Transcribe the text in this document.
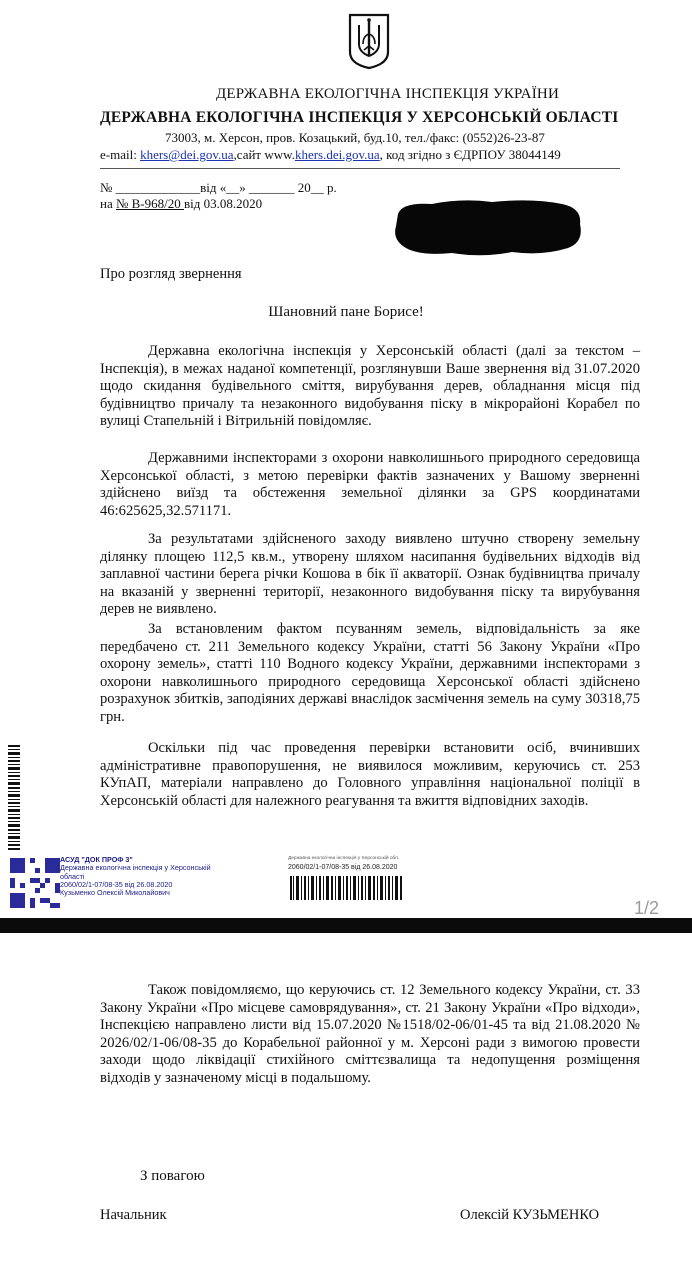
ДЕРЖАВНА ЕКОЛОГІЧНА ІНСПЕКЦІЯ УКРАЇНИ
ДЕРЖАВНА ЕКОЛОГІЧНА ІНСПЕКЦІЯ У ХЕРСОНСЬКІЙ ОБЛАСТІ
73003, м. Херсон, пров. Козацький, буд.10, тел./факс: (0552)26-23-87
e-mail: khers@dei.gov.ua,сайт www.khers.dei.gov.ua, код згідно з ЄДРПОУ 38044149
№ _____________від «__» _______ 20__ р.
на № В-968/20 від 03.08.2020
Про розгляд звернення
Шановний пане Борисе!
Державна екологічна інспекція у Херсонській області (далі за текстом – Інспекція), в межах наданої компетенції, розглянувши Ваше звернення від 31.07.2020 щодо скидання будівельного сміття, вирубування дерев, обладнання місця під будівництво причалу та незаконного видобування піску в мікрорайоні Корабел по вулиці Стапельній і Вітрильній повідомляє.
Державними інспекторами з охорони навколишнього природного середовища Херсонської області, з метою перевірки фактів зазначених у Вашому зверненні здійснено виїзд та обстеження земельної ділянки за GPS координатами 46:625625,32.571171.
За результатами здійсненого заходу виявлено штучно створену земельну ділянку площею 112,5 кв.м., утворену шляхом насипання будівельних відходів від заплавної частини берега річки Кошова в бік її акваторії. Ознак будівництва причалу на вказаній у зверненні території, незаконного видобування піску та вирубування дерев не виявлено.
За встановленим фактом псуванням земель, відповідальність за яке передбачено ст. 211 Земельного кодексу України, статті 56 Закону України «Про охорону земель», статті 110 Водного кодексу України, державними інспекторами з охорони навколишнього природного середовища Херсонської області здійснено розрахунок збитків, заподіяних державі внаслідок засмічення земель на суму 30318,75 грн.
Оскільки під час проведення перевірки встановити осіб, вчинивших адміністративне правопорушення, не виявилося можливим, керуючись ст. 253 КУпАП, матеріали направлено до Головного управління національної поліції в Херсонській області для належного реагування та вжиття відповідних заходів.
АСУД "ДОК ПРОФ 3"
Державна екологічна інспекція у Херсонській
області
2060/02/1-07/08-35 від 26.08.2020
Кузьменко Олексій Миколайович
Державна екологічна інспекція у Херсонській обл.
2060/02/1-07/08-35 від 26.08.2020
1/2
Також повідомляємо, що керуючись ст. 12 Земельного кодексу України, ст. 33 Закону України «Про місцеве самоврядування», ст. 21 Закону України «Про відходи», Інспекцією направлено листи від 15.07.2020 №1518/02-06/01-45 та від 21.08.2020 № 2026/02/1-06/08-35 до Корабельної районної у м. Херсоні ради з вимогою провести заходи щодо ліквідації стихійного сміттєзвалища та недопущення розміщення відходів у зазначеному місці в подальшому.
З повагою
Начальник	Олексій КУЗЬМЕНКО
